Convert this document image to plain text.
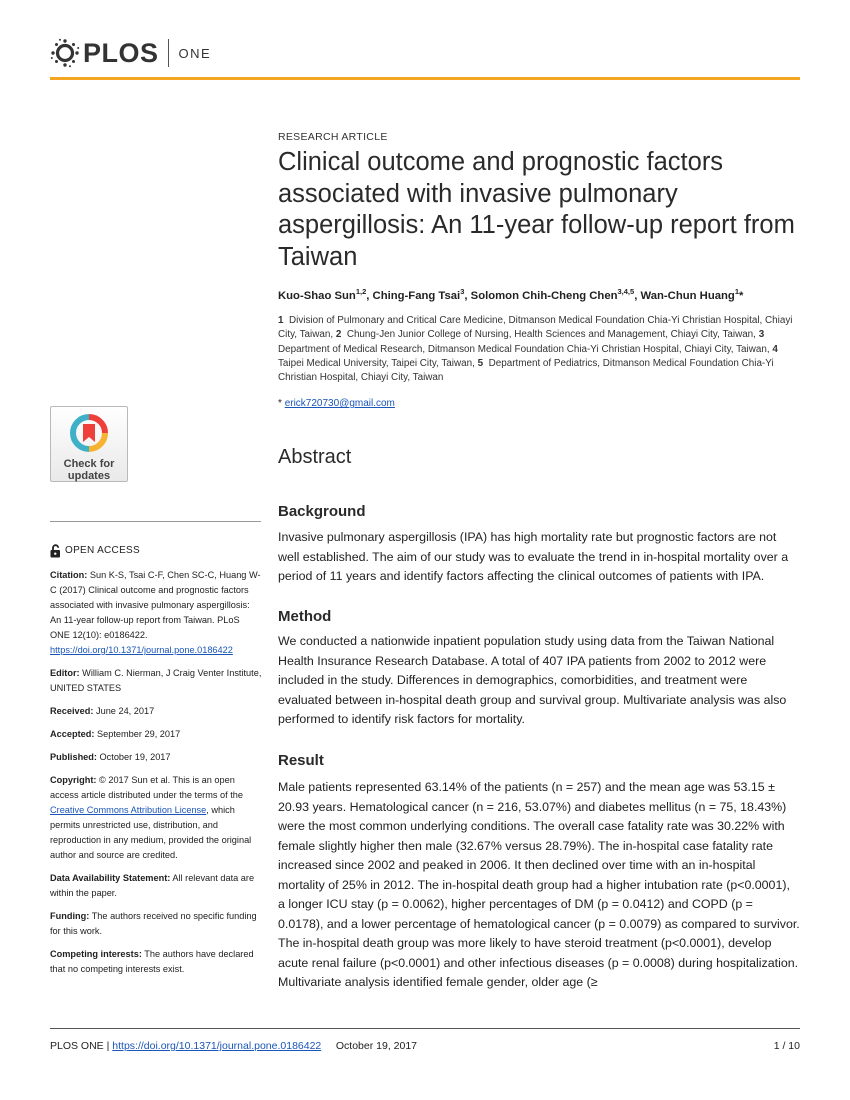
PLOS ONE
Check for updates
OPEN ACCESS
Citation: Sun K-S, Tsai C-F, Chen SC-C, Huang W-C (2017) Clinical outcome and prognostic factors associated with invasive pulmonary aspergillosis: An 11-year follow-up report from Taiwan. PLoS ONE 12(10): e0186422. https://doi.org/10.1371/journal.pone.0186422
Editor: William C. Nierman, J Craig Venter Institute, UNITED STATES
Received: June 24, 2017
Accepted: September 29, 2017
Published: October 19, 2017
Copyright: © 2017 Sun et al. This is an open access article distributed under the terms of the Creative Commons Attribution License, which permits unrestricted use, distribution, and reproduction in any medium, provided the original author and source are credited.
Data Availability Statement: All relevant data are within the paper.
Funding: The authors received no specific funding for this work.
Competing interests: The authors have declared that no competing interests exist.
RESEARCH ARTICLE
Clinical outcome and prognostic factors associated with invasive pulmonary aspergillosis: An 11-year follow-up report from Taiwan
Kuo-Shao Sun$^{1,2}$, Ching-Fang Tsai$^3$, Solomon Chih-Cheng Chen$^{3,4,5}$, Wan-Chun Huang$^1$*
1 Division of Pulmonary and Critical Care Medicine, Ditmanson Medical Foundation Chia-Yi Christian Hospital, Chiayi City, Taiwan, 2 Chung-Jen Junior College of Nursing, Health Sciences and Management, Chiayi City, Taiwan, 3  Department of Medical Research, Ditmanson Medical Foundation Chia-Yi Christian Hospital, Chiayi City, Taiwan, 4  Taipei Medical University, Taipei City, Taiwan, 5 Department of Pediatrics, Ditmanson Medical Foundation Chia-Yi Christian Hospital, Chiayi City, Taiwan
* erick720730@gmail.com
Abstract
Background

Invasive pulmonary aspergillosis (IPA) has high mortality rate but prognostic factors are not well established. The aim of our study was to evaluate the trend in in-hospital mortality over a period of 11 years and identify factors affecting the clinical outcomes of patients with IPA.

Method

We conducted a nationwide inpatient population study using data from the Taiwan National Health Insurance Research Database. A total of 407 IPA patients from 2002 to 2012 were included in the study. Differences in demographics, comorbidities, and treatment were evaluated between in-hospital death group and survival group. Multivariate analysis was also performed to identify risk factors for mortality.

Result

Male patients represented 63.14% of the patients (n = 257) and the mean age was 53.15 ± 20.93 years. Hematological cancer (n = 216, 53.07%) and diabetes mellitus (n = 75, 18.43%) were the most common underlying conditions. The overall case fatality rate was 30.22% with female slightly higher then male (32.67% versus 28.79%). The in-hospital case fatality rate increased since 2002 and peaked in 2006. It then declined over time with an in-hospital mortality of 25% in 2012. The in-hospital death group had a higher intubation rate (p<0.0001), a longer ICU stay (p = 0.0062), higher percentages of DM (p = 0.0412) and COPD (p = 0.0178), and a lower percentage of hematological cancer (p = 0.0079) as compared to survivor. The in-hospital death group was more likely to have steroid treatment (p<0.0001), develop acute renal failure (p<0.0001) and other infectious diseases (p = 0.0008) during hospitalization. Multivariate analysis identified female gender, older age (≥

PLOS ONE | https://doi.org/10.1371/journal.pone.0186422 October 19, 2017	1 / 10
